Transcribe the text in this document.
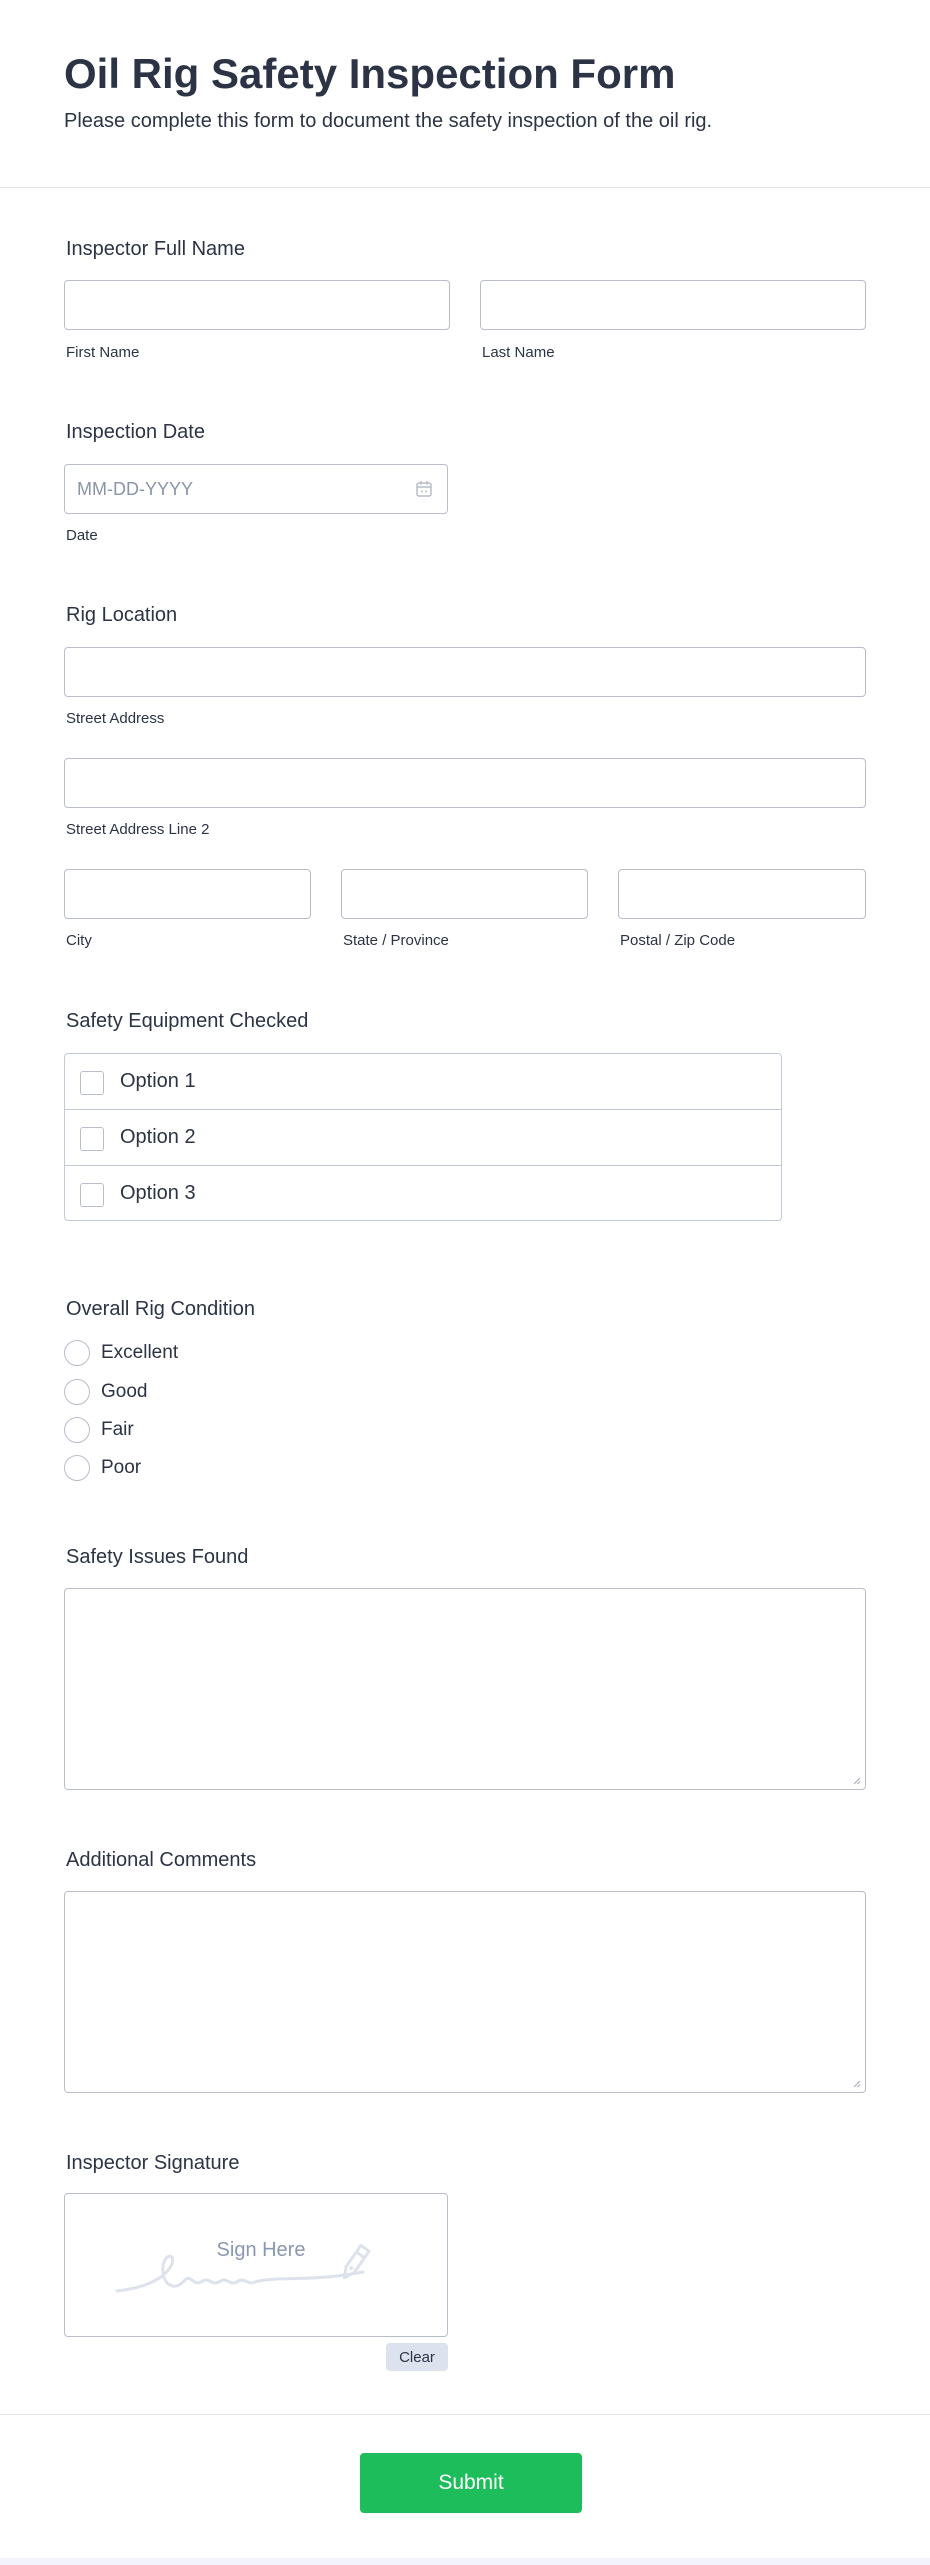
Oil Rig Safety Inspection Form

Please complete this form to document the safety inspection of the oil rig.

Inspector Full Name
First Name	Last Name
Inspection Date
MM-DD-YYYY
Date
Rig Location
Street Address
Street Address Line 2
City	State / Province	Postal / Zip Code
Safety Equipment Checked
Option 1
Option 2
Option 3
Overall Rig Condition
Excellent
Good
Fair
Poor
Safety Issues Found
Additional Comments
Inspector Signature
Sign Here
Clear
Submit
